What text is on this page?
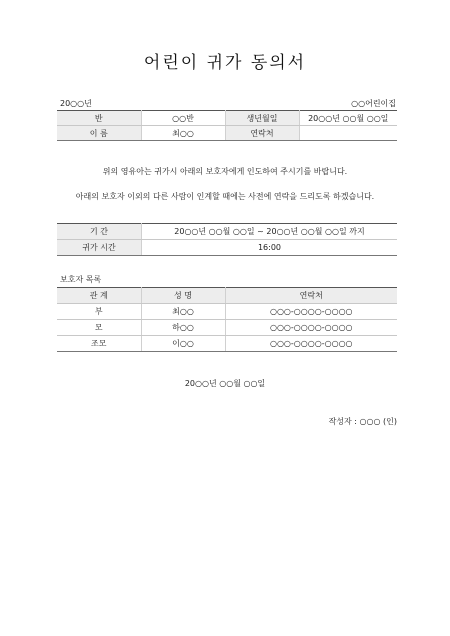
어린이 귀가 동의서
20○○년	○○어린이집
반	○○반	생년월일	20○○년 ○○월 ○○일
이 름	최○○	연락처	
위의 영유아는 귀가시 아래의 보호자에게 인도하여 주시기를 바랍니다.
아래의 보호자 이외의 다른 사람이 인계할 때에는 사전에 연락을 드리도록 하겠습니다.
기 간	20○○년 ○○월 ○○일 ~ 20○○년 ○○월 ○○일 까지
귀가 시간	16:00
보호자 목록
관 계	성 명	연락처
부	최○○	○○○-○○○○-○○○○
모	하○○	○○○-○○○○-○○○○
조모	이○○	○○○-○○○○-○○○○
20○○년 ○○월 ○○일
작성자 : ○○○ (인)
